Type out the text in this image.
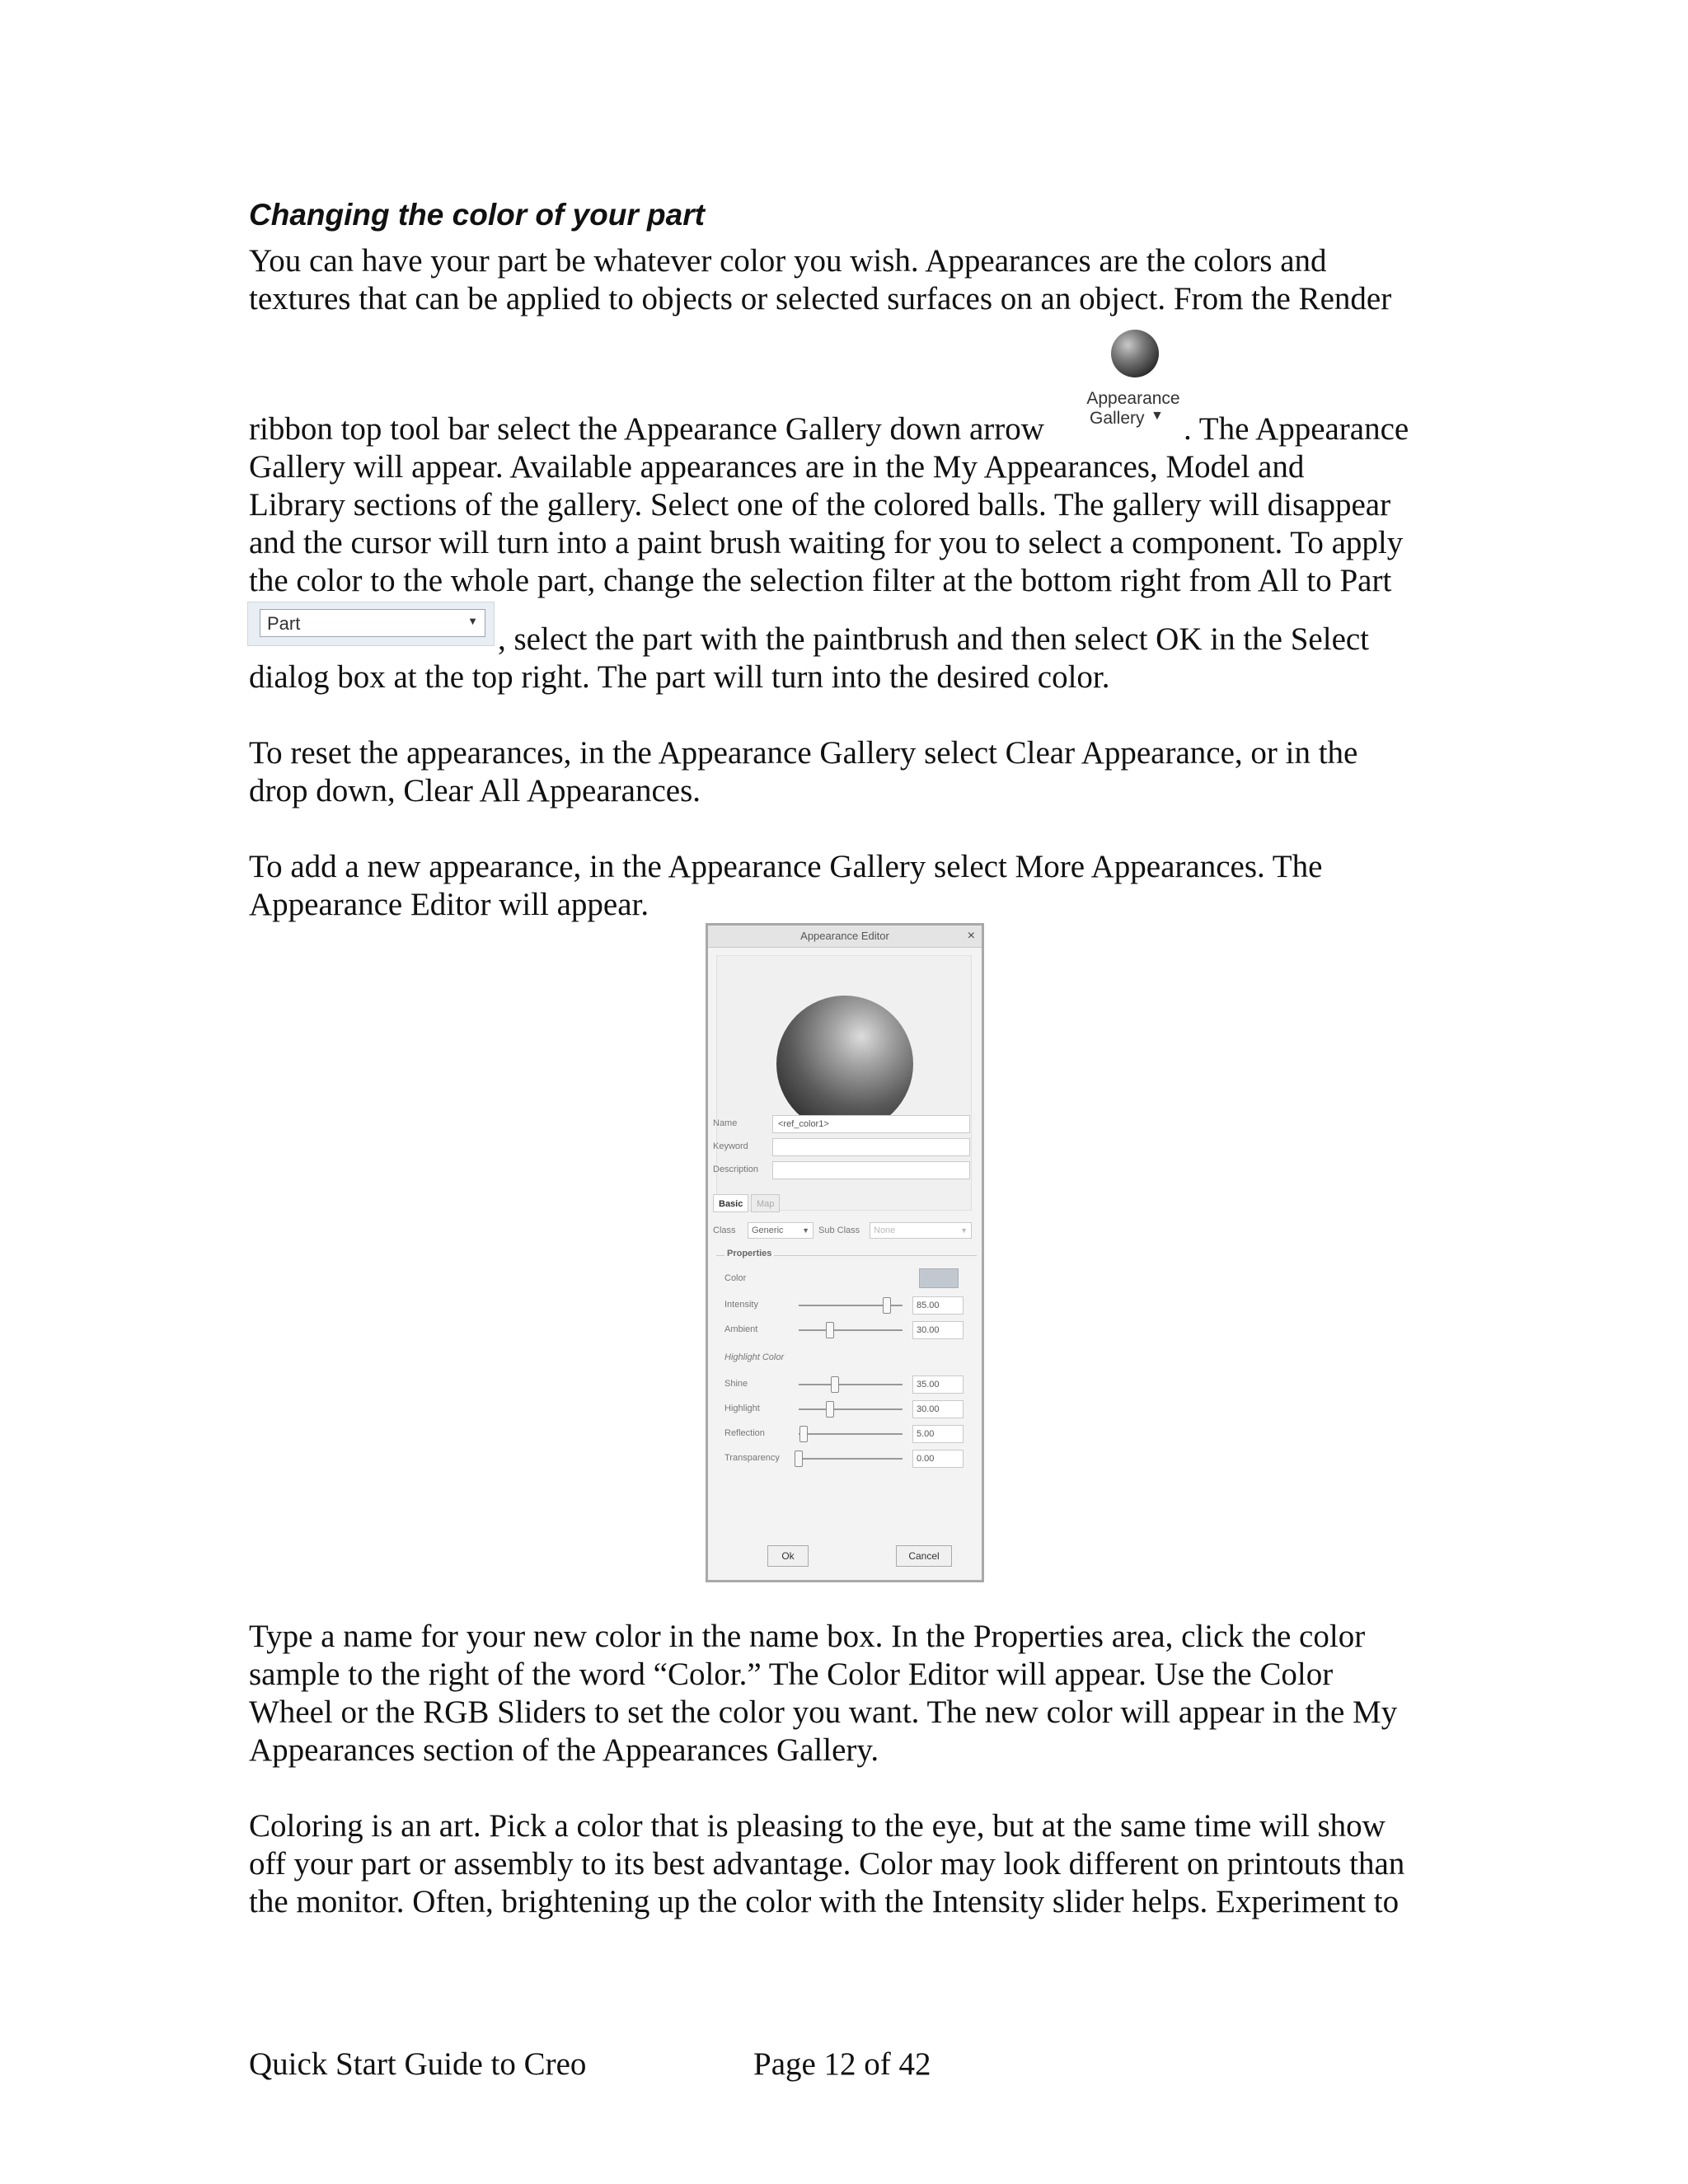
Changing the color of your part
You can have your part be whatever color you wish. Appearances are the colors and
textures that can be applied to objects or selected surfaces on an object. From the Render
ribbon top tool bar select the Appearance Gallery down arrow	. The Appearance
Appearance
Gallery ▼
Gallery will appear. Available appearances are in the My Appearances, Model and
Library sections of the gallery. Select one of the colored balls. The gallery will disappear
and the cursor will turn into a paint brush waiting for you to select a component. To apply
the color to the whole part, change the selection filter at the bottom right from All to Part
Part	▼
, select the part with the paintbrush and then select OK in the Select
dialog box at the top right. The part will turn into the desired color.
To reset the appearances, in the Appearance Gallery select Clear Appearance, or in the
drop down, Clear All Appearances.
To add a new appearance, in the Appearance Gallery select More Appearances. The
Appearance Editor will appear.
Appearance Editor	×
Name	<ref_color1>
Keyword
Description
Basic	Map
Class	Generic	▼ Sub Class	None	▼
Properties
Color
Intensity	85.00
Ambient	30.00
Shine	35.00
Highlight	30.00
Reflection	5.00
Transparency	0.00
Highlight Color
Ok	Cancel
Type a name for your new color in the name box. In the Properties area, click the color
sample to the right of the word “Color.” The Color Editor will appear. Use the Color
Wheel or the RGB Sliders to set the color you want. The new color will appear in the My
Appearances section of the Appearances Gallery.
Coloring is an art. Pick a color that is pleasing to the eye, but at the same time will show
off your part or assembly to its best advantage. Color may look different on printouts than
the monitor. Often, brightening up the color with the Intensity slider helps. Experiment to
Quick Start Guide to Creo	Page 12 of 42
